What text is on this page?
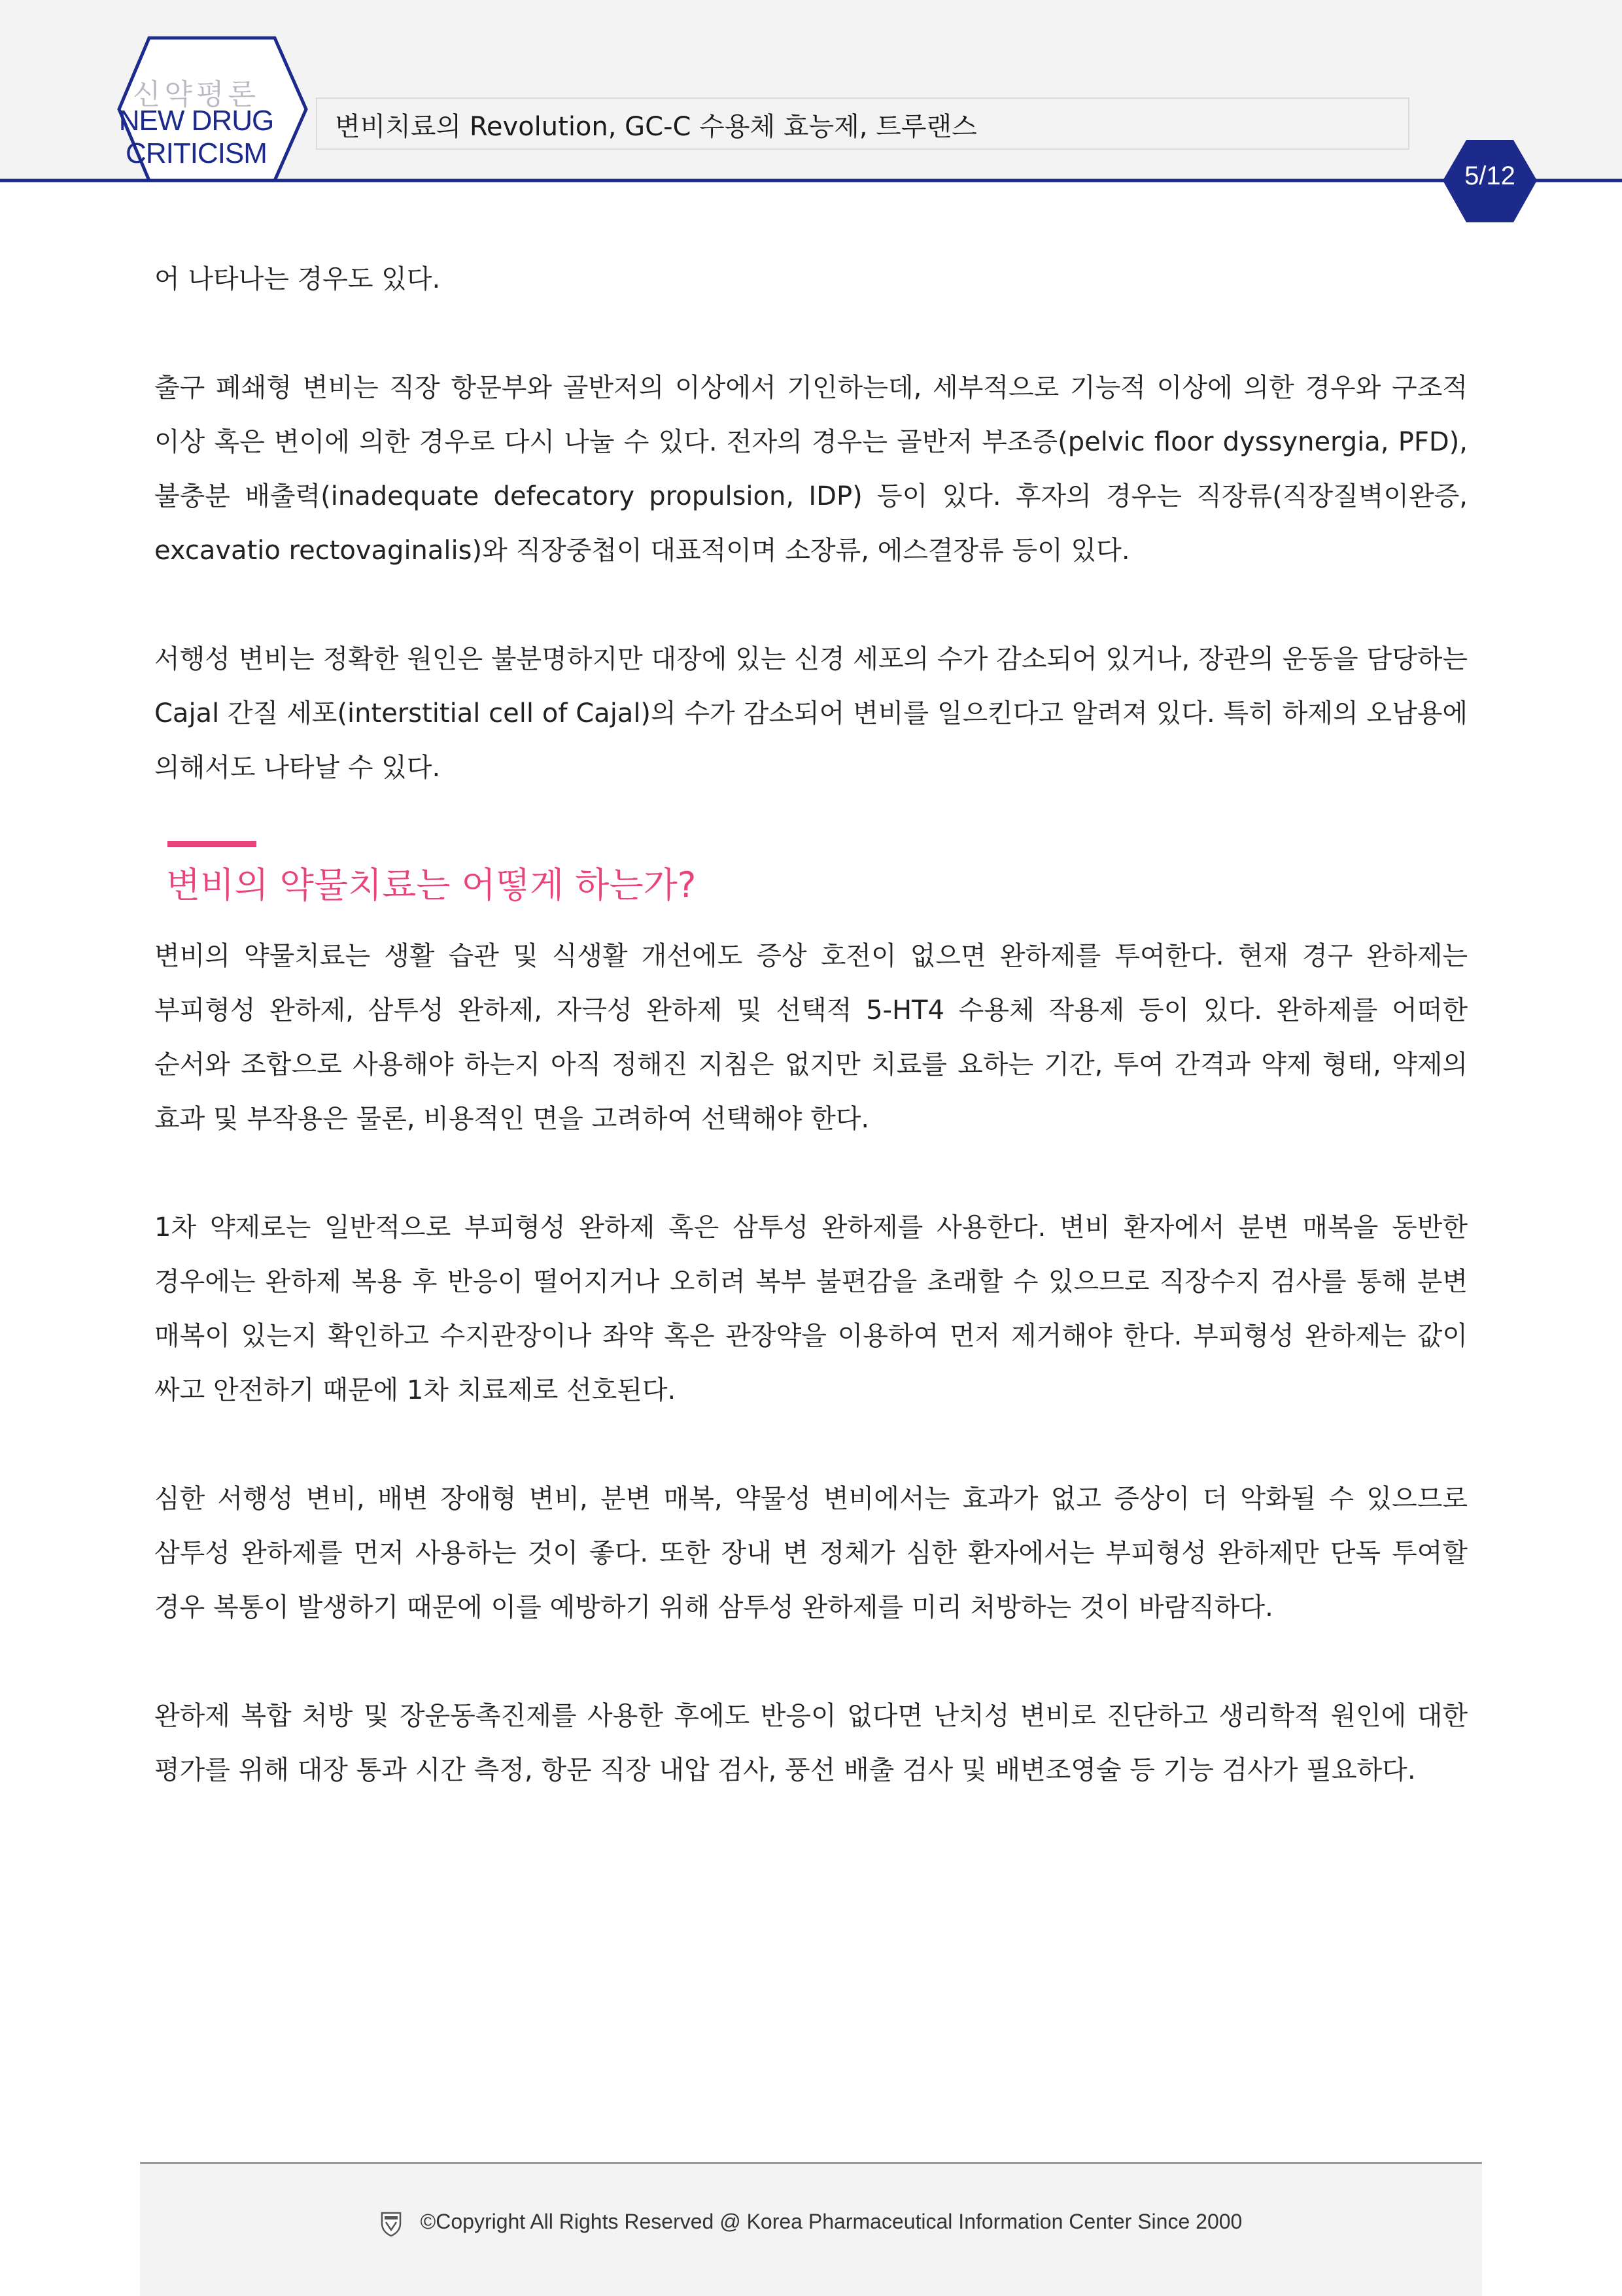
신약평론
NEW DRUG
CRITICISM
변비치료의 Revolution, GC-C 수용체 효능제, 트루랜스
5/12

어 나타나는 경우도 있다.

출구 폐쇄형 변비는 직장 항문부와 골반저의 이상에서 기인하는데, 세부적으로 기능적 이상에 의한 경우와 구조적 이상 혹은 변이에 의한 경우로 다시 나눌 수 있다. 전자의 경우는 골반저 부조증(pelvic floor dyssynergia, PFD), 불충분 배출력(inadequate defecatory propulsion, IDP) 등이 있다. 후자의 경우는 직장류(직장질벽이완증, excavatio rectovaginalis)와 직장중첩이 대표적이며 소장류, 에스결장류 등이 있다.

서행성 변비는 정확한 원인은 불분명하지만 대장에 있는 신경 세포의 수가 감소되어 있거나, 장관의 운동을 담당하는 Cajal 간질 세포(interstitial cell of Cajal)의 수가 감소되어 변비를 일으킨다고 알려져 있다. 특히 하제의 오남용에 의해서도 나타날 수 있다.

변비의 약물치료는 어떻게 하는가?

변비의 약물치료는 생활 습관 및 식생활 개선에도 증상 호전이 없으면 완하제를 투여한다. 현재 경구 완하제는 부피형성 완하제, 삼투성 완하제, 자극성 완하제 및 선택적 5-HT4 수용체 작용제 등이 있다. 완하제를 어떠한 순서와 조합으로 사용해야 하는지 아직 정해진 지침은 없지만 치료를 요하는 기간, 투여 간격과 약제 형태, 약제의 효과 및 부작용은 물론, 비용적인 면을 고려하여 선택해야 한다.

1차 약제로는 일반적으로 부피형성 완하제 혹은 삼투성 완하제를 사용한다. 변비 환자에서 분변 매복을 동반한 경우에는 완하제 복용 후 반응이 떨어지거나 오히려 복부 불편감을 초래할 수 있으므로 직장수지 검사를 통해 분변 매복이 있는지 확인하고 수지관장이나 좌약 혹은 관장약을 이용하여 먼저 제거해야 한다. 부피형성 완하제는 값이 싸고 안전하기 때문에 1차 치료제로 선호된다.

심한 서행성 변비, 배변 장애형 변비, 분변 매복, 약물성 변비에서는 효과가 없고 증상이 더 악화될 수 있으므로 삼투성 완하제를 먼저 사용하는 것이 좋다. 또한 장내 변 정체가 심한 환자에서는 부피형성 완하제만 단독 투여할 경우 복통이 발생하기 때문에 이를 예방하기 위해 삼투성 완하제를 미리 처방하는 것이 바람직하다.

완하제 복합 처방 및 장운동촉진제를 사용한 후에도 반응이 없다면 난치성 변비로 진단하고 생리학적 원인에 대한 평가를 위해 대장 통과 시간 측정, 항문 직장 내압 검사, 풍선 배출 검사 및 배변조영술 등 기능 검사가 필요하다.

©Copyright All Rights Reserved @ Korea Pharmaceutical Information Center Since 2000
